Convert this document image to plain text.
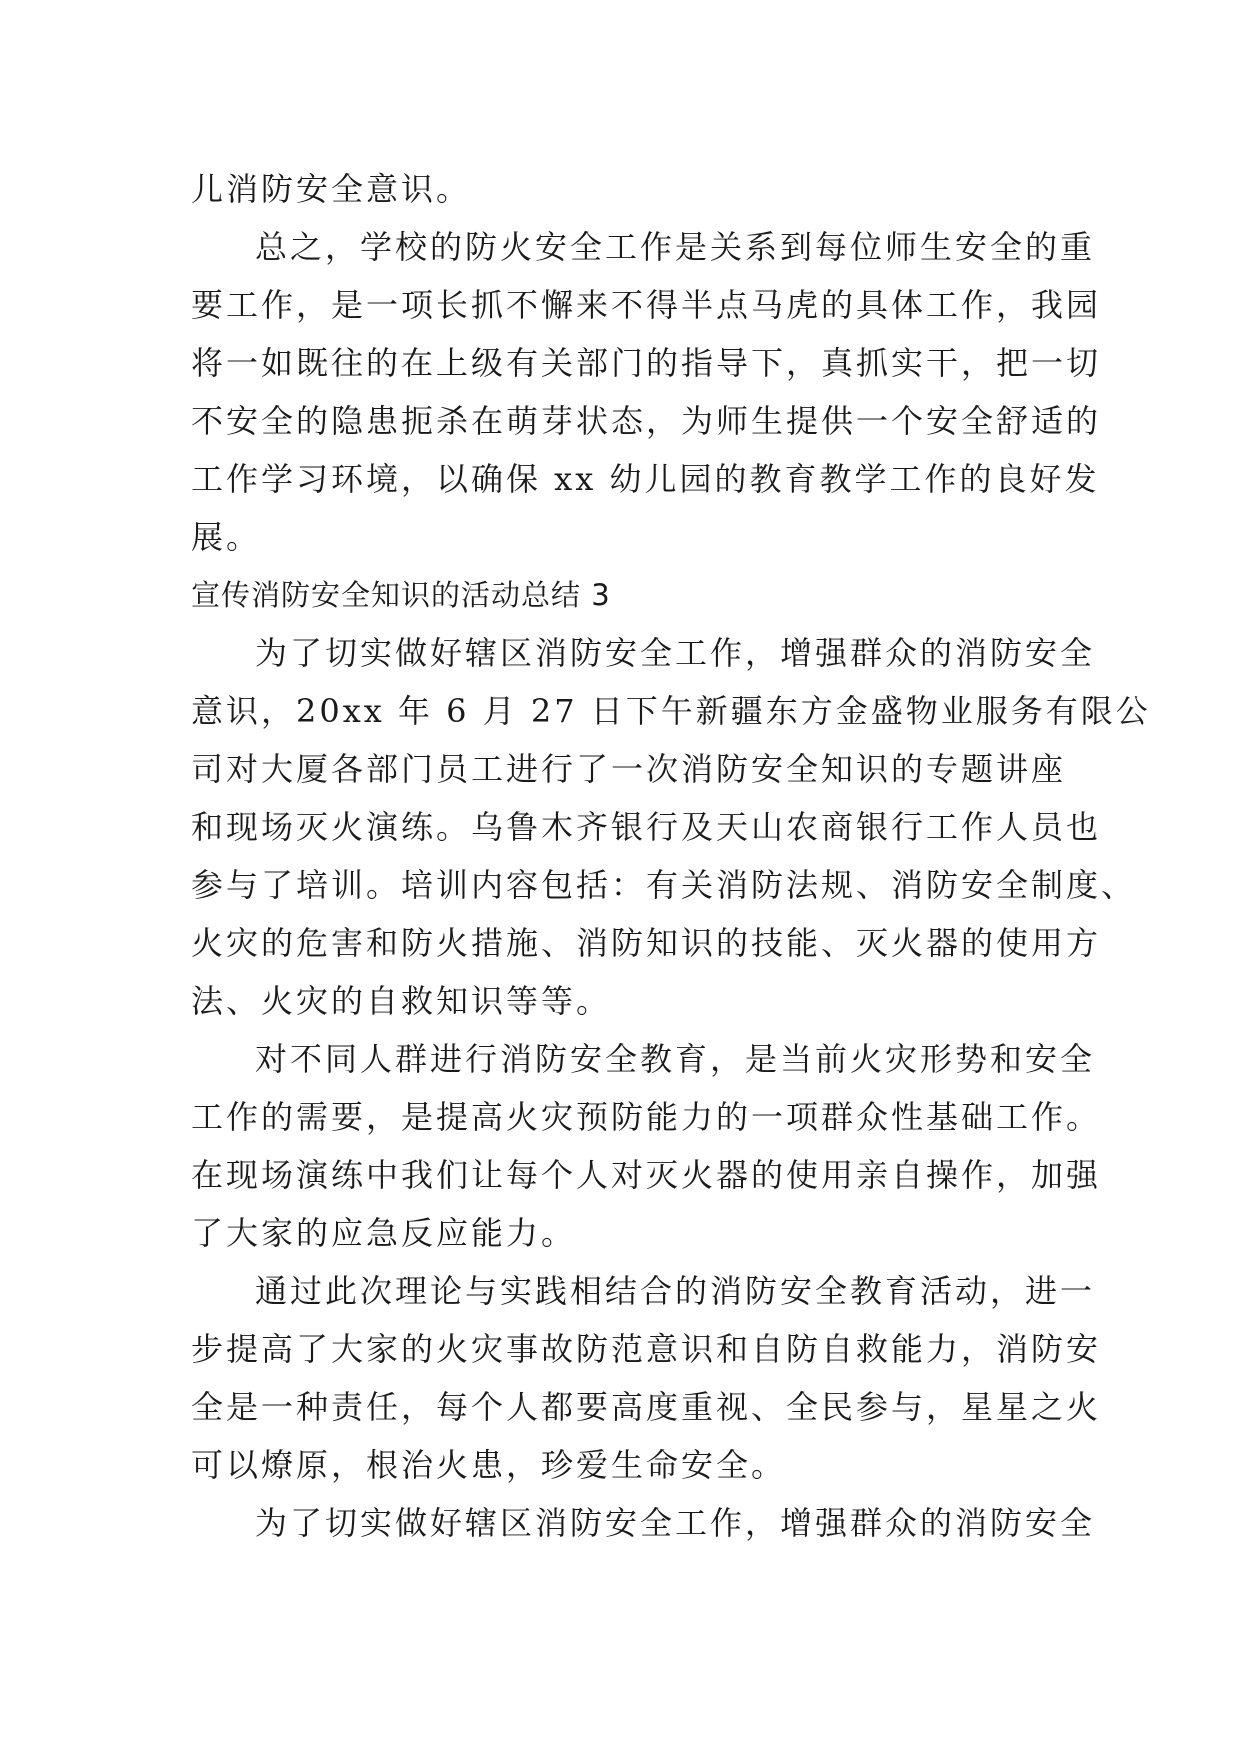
儿消防安全意识。
总之，学校的防火安全工作是关系到每位师生安全的重
要工作，是一项长抓不懈来不得半点马虎的具体工作，我园
将一如既往的在上级有关部门的指导下，真抓实干，把一切
不安全的隐患扼杀在萌芽状态，为师生提供一个安全舒适的
工作学习环境，以确保 xx 幼儿园的教育教学工作的良好发
展。
宣传消防安全知识的活动总结 3
为了切实做好辖区消防安全工作，增强群众的消防安全
意识，20xx 年 6 月 27 日下午新疆东方金盛物业服务有限公
司对大厦各部门员工进行了一次消防安全知识的专题讲座
和现场灭火演练。乌鲁木齐银行及天山农商银行工作人员也
参与了培训。培训内容包括：有关消防法规、消防安全制度、
火灾的危害和防火措施、消防知识的技能、灭火器的使用方
法、火灾的自救知识等等。
对不同人群进行消防安全教育，是当前火灾形势和安全
工作的需要，是提高火灾预防能力的一项群众性基础工作。
在现场演练中我们让每个人对灭火器的使用亲自操作，加强
了大家的应急反应能力。
通过此次理论与实践相结合的消防安全教育活动，进一
步提高了大家的火灾事故防范意识和自防自救能力，消防安
全是一种责任，每个人都要高度重视、全民参与，星星之火
可以燎原，根治火患，珍爱生命安全。
为了切实做好辖区消防安全工作，增强群众的消防安全
